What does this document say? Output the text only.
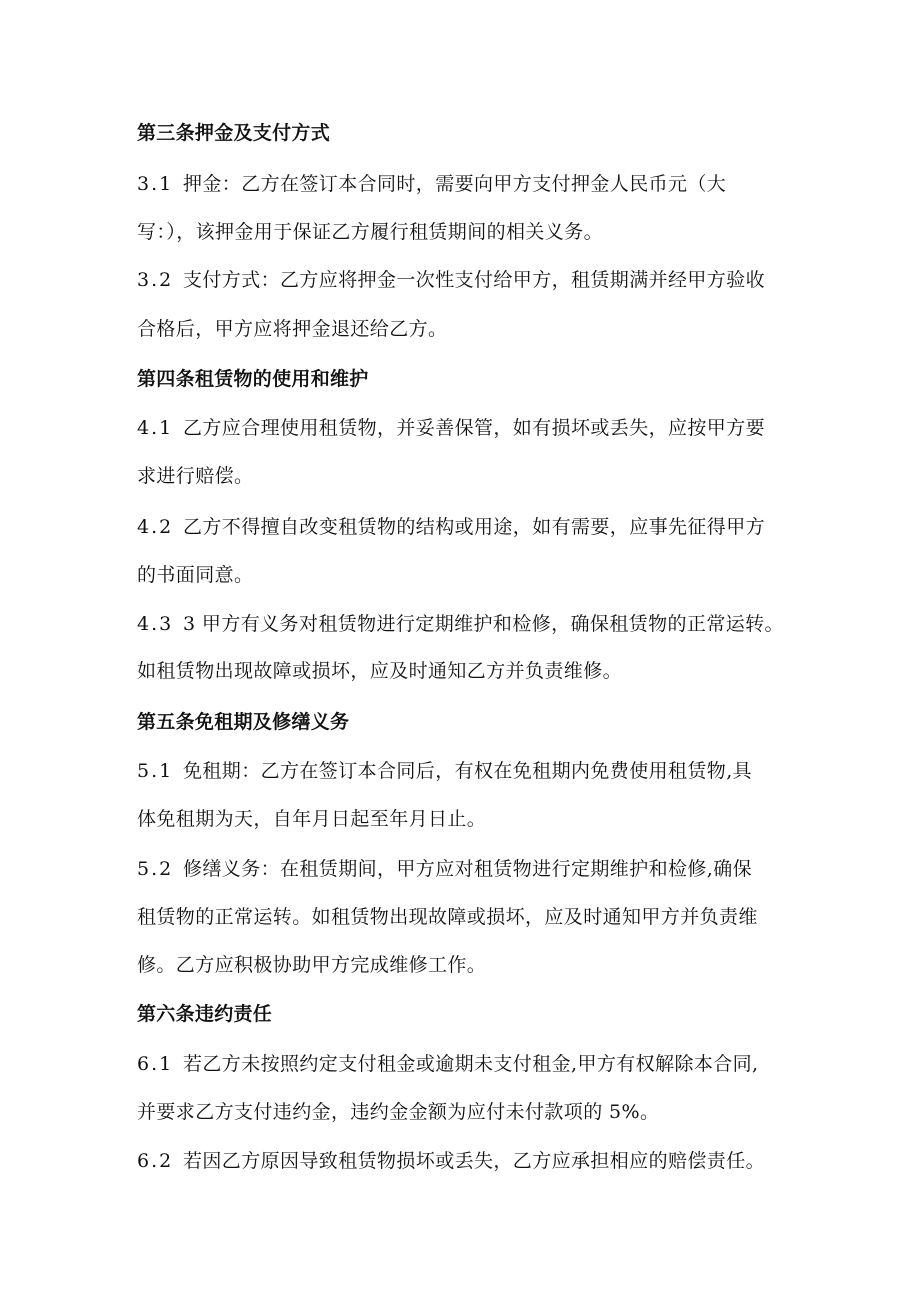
第三条押金及支付方式
3.1 押金：乙方在签订本合同时，需要向甲方支付押金人民币元（大
写：），该押金用于保证乙方履行租赁期间的相关义务。
3.2 支付方式：乙方应将押金一次性支付给甲方，租赁期满并经甲方验收
合格后，甲方应将押金退还给乙方。
第四条租赁物的使用和维护
4.1 乙方应合理使用租赁物，并妥善保管，如有损坏或丢失，应按甲方要
求进行赔偿。
4.2 乙方不得擅自改变租赁物的结构或用途，如有需要，应事先征得甲方
的书面同意。
4.3 3 甲方有义务对租赁物进行定期维护和检修，确保租赁物的正常运转。
如租赁物出现故障或损坏，应及时通知乙方并负责维修。
第五条免租期及修缮义务
5.1 免租期：乙方在签订本合同后，有权在免租期内免费使用租赁物,具
体免租期为天，自年月日起至年月日止。
5.2 修缮义务：在租赁期间，甲方应对租赁物进行定期维护和检修,确保
租赁物的正常运转。如租赁物出现故障或损坏，应及时通知甲方并负责维
修。乙方应积极协助甲方完成维修工作。
第六条违约责任
6.1 若乙方未按照约定支付租金或逾期未支付租金,甲方有权解除本合同,
并要求乙方支付违约金，违约金金额为应付未付款项的 5%。
6.2 若因乙方原因导致租赁物损坏或丢失，乙方应承担相应的赔偿责任。
